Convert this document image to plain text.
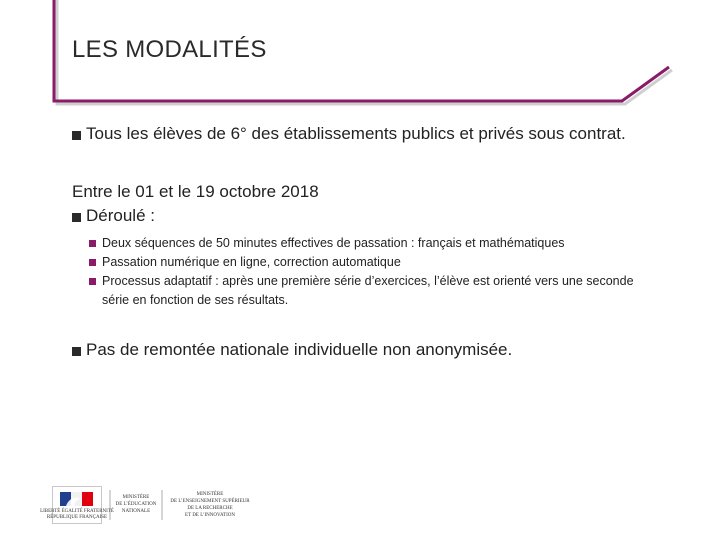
LES MODALITÉS
Tous les élèves de 6° des établissements publics et privés sous contrat.
Entre le 01 et le 19 octobre 2018
Déroulé :
Deux séquences de 50 minutes effectives de passation : français et mathématiques
Passation numérique en ligne, correction automatique
Processus adaptatif : après une première série d’exercices, l’élève est orienté vers une seconde série en fonction de ses résultats.
Pas de remontée nationale individuelle non anonymisée.
LIBERTÉ ÉGALITÉ FRATERNITÉ
RÉPUBLIQUE FRANÇAISE
MINISTÈRE
DE L’ÉDUCATION
NATIONALE
MINISTÈRE
DE L’ENSEIGNEMENT SUPÉRIEUR
DE LA RECHERCHE
ET DE L’INNOVATION
